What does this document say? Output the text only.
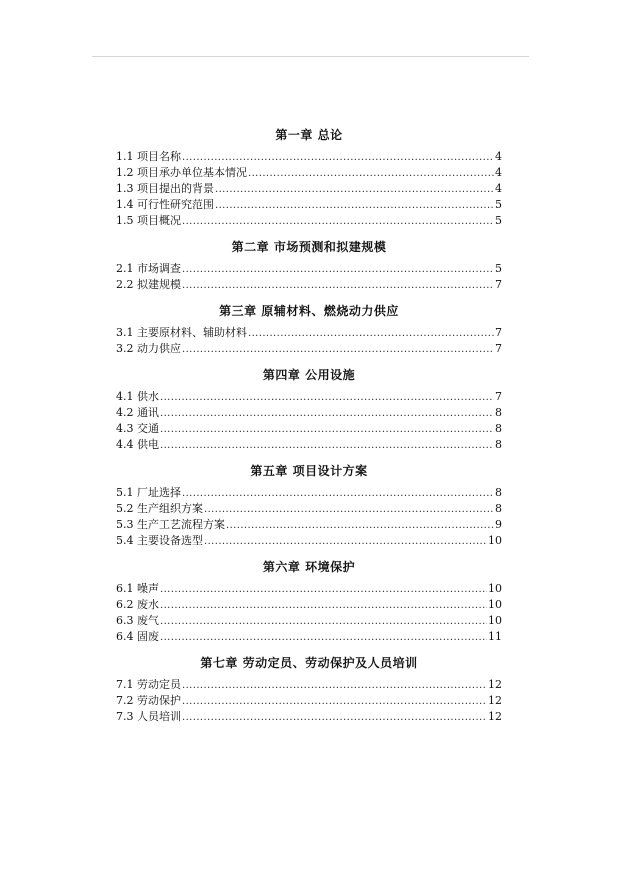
第一章 总论
1.1 项目名称 .....	4
1.2 项目承办单位基本情况 .....	4
1.3 项目提出的背景 .....	4
1.4 可行性研究范围 .....	5
1.5 项目概况 .....	5
第二章 市场预测和拟建规模
2.1 市场调查 .....	5
2.2 拟建规模 .....	7
第三章 原辅材料、燃烧动力供应
3.1 主要原材料、辅助材料 .....	7
3.2 动力供应 .....	7
第四章 公用设施
4.1 供水 .....	7
4.2 通讯 .....	8
4.3 交通 .....	8
4.4 供电 .....	8
第五章 项目设计方案
5.1 厂址选择 .....	8
5.2 生产组织方案 .....	8
5.3 生产工艺流程方案 .....	9
5.4 主要设备选型 .....	10
第六章 环境保护
6.1 噪声 .....	10
6.2 废水 .....	10
6.3 废气 .....	10
6.4 固废 .....	11
第七章 劳动定员、劳动保护及人员培训
7.1 劳动定员 .....	12
7.2 劳动保护 .....	12
7.3 人员培训 .....	12
